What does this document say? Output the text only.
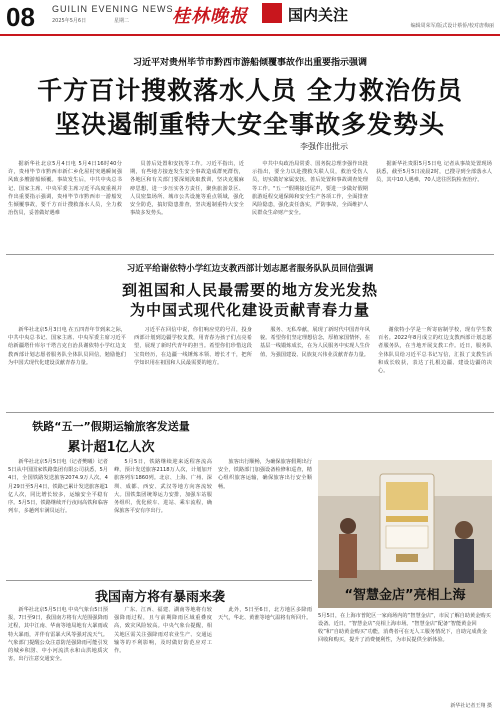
08 GUILIN EVENING NEWS
2025年5月6日	星期二 桂林晚报	国内关注
编辑周荣军/版式设计蔡侨/校对唐梅丽
习近平对贵州毕节市黔西市游船倾覆事故作出重要指示强调
千方百计搜救落水人员 全力救治伤员
坚决遏制重特大安全事故多发势头
李强作出批示

据新华社北京5月4日电 5月4日16时40分许，贵州毕节市黔西市新仁乡化屋村突遇瞬间强风致多艘游船倾覆。事故发生后，中共中央总书记、国家主席、中央军委主席习近平高度重视并作出重要指示强调，贵州毕节市黔西市一游船发生倾覆事故，要千方百计搜救落水人员，全力救治伤员，妥善做好遇难

员善后处置和安抚等工作。习近平指出，近期，有些地方接连发生安全事故造成群死群伤，各地区和有关部门要深刻汲取教训，坚决克服麻痹思想，进一步压实各方责任，聚焦旅游景区、人员密集场所、城市公共设施等重点领域，强化安全防范，搞好隐患排查，坚决遏制重特大安全事故多发势头。

中共中央政治局常委、国务院总理李强作出批示指出，要全力以赴搜救失联人员，救治受伤人员，切实做好家属安抚、善后处置和事故调查处理等工作。"五一"假期接近尾声，要进一步做好假期旅游返程交通保障和安全生产各项工作，全面排查风险隐患，强化责任落实，严防事故，全面维护人民群众生命财产安全。

据新华社贵阳5月5日电 记者从事故处置现场获悉，截至5月5日凌晨2时，已搜寻到全部落水人员，其中10人遇难，70人送往医院检查治疗。

习近平给谢依特小学红边支教西部计划志愿者服务队队员回信强调
到祖国和人民最需要的地方发光发热
为中国式现代化建设贡献青春力量

新华社北京5月3日电 在五四青年节到来之际，中共中央总书记、国家主席、中央军委主席习近平给新疆塔什库尔干塔吉克自治县谢依特小学红边支教西部计划志愿者服务队全体队员回信，勉励他们为中国式现代化建设贡献青春力量。

习近平在回信中说，你们响应党的号召，投身西部计划到边疆学校支教，用青春为孩子们点亮希望，展现了新时代青年的担当。希望你们珍惜这段宝贵经历，在边疆一线锤炼本领、增长才干，把所学知识用在祖国和人民最需要的地方。

服务、无私奉献，展现了新时代中国青年风貌。希望你们坚定理想信念，厚植家国情怀，在基层一线锻炼成长，在为人民服务中实现人生价值，为强国建设、民族复兴伟业贡献青春力量。

谢依特小学是一所寄宿制学校，现有学生数百名。2022年8月成立的红边支教西部计划志愿者服务队，在当地开展支教工作。近日，服务队全体队员给习近平总书记写信，汇报了支教生活和成长收获，表达了扎根边疆、建设边疆的决心。

铁路“五一”假期运输旅客发送量
累计超1亿人次

新华社北京5月5日电（记者樊曦）记者5日从中国国家铁路集团有限公司获悉，5月4日，全国铁路发送旅客2074.9万人次。4月29日至5月4日，铁路已累计发送旅客超1亿人次，同比增长较多，运输安全平稳有序。5月5日，铁路继续开行夜间高铁和临客列车，多趟列车满员运行。

5月5日，铁路继续迎来返程客流高峰，预计发送旅客2118万人次，计划加开旅客列车1860列。北京、上海、广州、深圳、成都、西安、武汉等地方向客流较大。国铁集团统筹运力安排，加强车站服务组织，优化候车、进站、乘车流程，确保旅客平安有序出行。

旅客出行顺畅，为确保旅客假期出行安全，铁路部门加强设备检修和巡查，精心组织旅客运输，确保旅客出行安全顺畅。

我国南方将有暴雨来袭

新华社北京5月5日电 中央气象台5日预报，7日至9日，我国南方将有大范围强降雨过程，其中江南、华南等地局地有大暴雨或特大暴雨，并伴有雷暴大风等强对流天气。气象部门提醒公众注意防范强降雨可能引发的城乡积涝、中小河流洪水和山洪地质灾害，出行注意交通安全。

广东、江西、福建、湖南等地将有较强降雨过程，且与前期降雨区域重叠度高，致灾风险较高。中央气象台提醒，相关地区需关注强降雨对农业生产、交通运输等的不利影响，及时做好防范应对工作。

此外，5日至6日，北方地区多降雨天气，华北、黄淮等地气温将有所回升。

“智慧金店”亮相上海
5月5日，在上海市普陀区一家商场内的“智慧金店”，市民了解自助黄金购买设备。近日，“智慧金店”亮相上海市场。“智慧金店”配备“智能黄金回收”和“自助黄金购买”功能，消费者可在无人工服务情况下，自助完成黄金回收和购买，提升了消费便利性，为市民提供全新体验。
新华社记者王翔 摄
